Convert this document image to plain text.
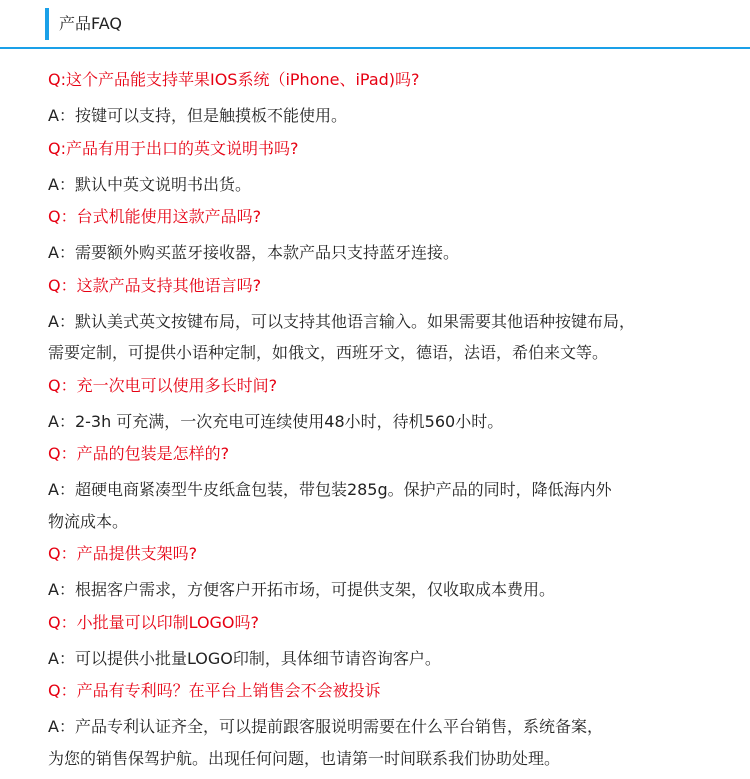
产品FAQ
Q:这个产品能支持苹果IOS系统（iPhone、iPad)吗?
A：按键可以支持，但是触摸板不能使用。
Q:产品有用于出口的英文说明书吗?
A：默认中英文说明书出货。
Q：台式机能使用这款产品吗?
A：需要额外购买蓝牙接收器，本款产品只支持蓝牙连接。
Q：这款产品支持其他语言吗?
A：默认美式英文按键布局，可以支持其他语言输入。如果需要其他语种按键布局，
需要定制，可提供小语种定制，如俄文，西班牙文，德语，法语，希伯来文等。
Q：充一次电可以使用多长时间?
A：2-3h 可充满，一次充电可连续使用48小时，待机560小时。
Q：产品的包装是怎样的?
A：超硬电商紧凑型牛皮纸盒包装，带包装285g。保护产品的同时，降低海内外
物流成本。
Q：产品提供支架吗?
A：根据客户需求，方便客户开拓市场，可提供支架，仅收取成本费用。
Q：小批量可以印制LOGO吗?
A：可以提供小批量LOGO印制，具体细节请咨询客户。
Q：产品有专利吗？在平台上销售会不会被投诉
A：产品专利认证齐全，可以提前跟客服说明需要在什么平台销售，系统备案，
为您的销售保驾护航。出现任何问题，也请第一时间联系我们协助处理。
